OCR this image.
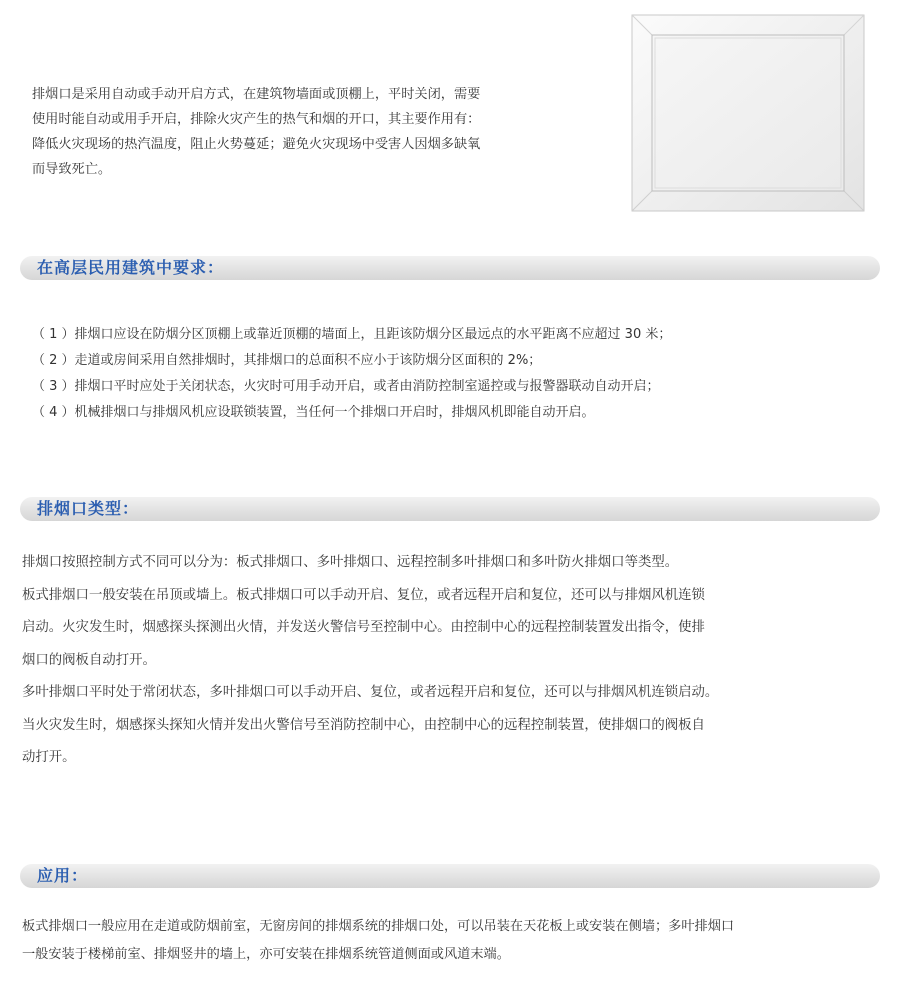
排烟口是采用自动或手动开启方式，在建筑物墙面或顶棚上，平时关闭，需要

使用时能自动或用手开启，排除火灾产生的热气和烟的开口，其主要作用有：

降低火灾现场的热汽温度，阻止火势蔓延；避免火灾现场中受害人因烟多缺氧

而导致死亡。

在高层民用建筑中要求：
（ 1 ）排烟口应设在防烟分区顶棚上或靠近顶棚的墙面上，且距该防烟分区最远点的水平距离不应超过 30 米；
（ 2 ）走道或房间采用自然排烟时，其排烟口的总面积不应小于该防烟分区面积的 2%；
（ 3 ）排烟口平时应处于关闭状态，火灾时可用手动开启，或者由消防控制室遥控或与报警器联动自动开启；
（ 4 ）机械排烟口与排烟风机应设联锁装置，当任何一个排烟口开启时，排烟风机即能自动开启。
排烟口类型：

排烟口按照控制方式不同可以分为：板式排烟口、多叶排烟口、远程控制多叶排烟口和多叶防火排烟口等类型。

板式排烟口一般安装在吊顶或墙上。板式排烟口可以手动开启、复位，或者远程开启和复位，还可以与排烟风机连锁

启动。火灾发生时，烟感探头探测出火情，并发送火警信号至控制中心。由控制中心的远程控制装置发出指令，使排

烟口的阀板自动打开。

多叶排烟口平时处于常闭状态，多叶排烟口可以手动开启、复位，或者远程开启和复位，还可以与排烟风机连锁启动。

当火灾发生时，烟感探头探知火情并发出火警信号至消防控制中心，由控制中心的远程控制装置，使排烟口的阀板自

动打开。

应用：

板式排烟口一般应用在走道或防烟前室，无窗房间的排烟系统的排烟口处，可以吊装在天花板上或安装在侧墙；多叶排烟口

一般安装于楼梯前室、排烟竖井的墙上，亦可安装在排烟系统管道侧面或风道末端。
